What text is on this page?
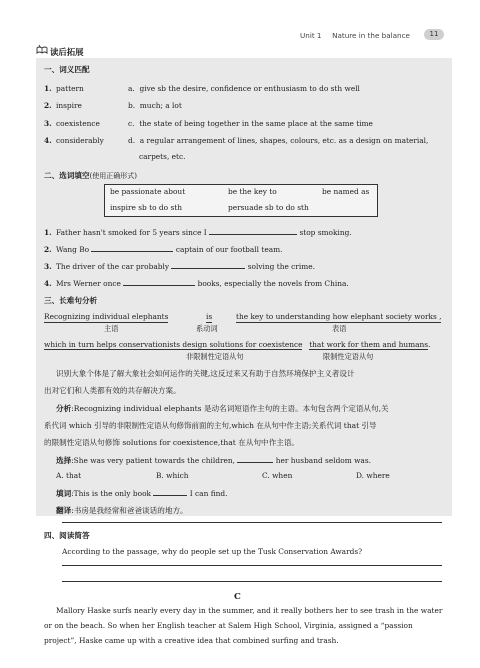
Unit 1 Nature in the balance	11
读后拓展
一、词义匹配
1. pattern	a. give sb the desire, confidence or enthusiasm to do sth well
2. inspire	b. much; a lot
3. coexistence	c. the state of being together in the same place at the same time
4. considerably	d. a regular arrangement of lines, shapes, colours, etc. as a design on material,
carpets, etc.
二、选词填空(使用正确形式)
be passionate about	be the key to	be named as
inspire sb to do sth	persuade sb to do sth
1. Father hasn't smoked for 5 years since I	stop smoking.
2. Wang Bo	captain of our football team.
3. The driver of the car probably	solving the crime.
4. Mrs Werner once	books, especially the novels from China.
三、长难句分析
Recognizing individual elephants	is	the key to understanding how elephant society works ,
主语	系动词	表语
which in turn helps conservationists design solutions for coexistence that work for them and humans.
非限制性定语从句	限制性定语从句
识别大象个体是了解大象社会如何运作的关键,这反过来又有助于自然环境保护主义者设计
出对它们和人类都有效的共存解决方案。
分析:Recognizing individual elephants 是动名词短语作主句的主语。本句包含两个定语从句,关
系代词 which 引导的非限制性定语从句修饰前面的主句,which 在从句中作主语;关系代词 that 引导
的限制性定语从句修饰 solutions for coexistence,that 在从句中作主语。
选择:She was very patient towards the children,	her husband seldom was.
A. that	B. which	C. when	D. where
填词:This is the only book	I can find.
翻译:书房是我经常和爸爸谈话的地方。
四、阅读简答
According to the passage, why do people set up the Tusk Conservation Awards?
C
Mallory Haske surfs nearly every day in the summer, and it really bothers her to see trash in the water
or on the beach. So when her English teacher at Salem High School, Virginia, assigned a “passion
project”, Haske came up with a creative idea that combined surfing and trash.
